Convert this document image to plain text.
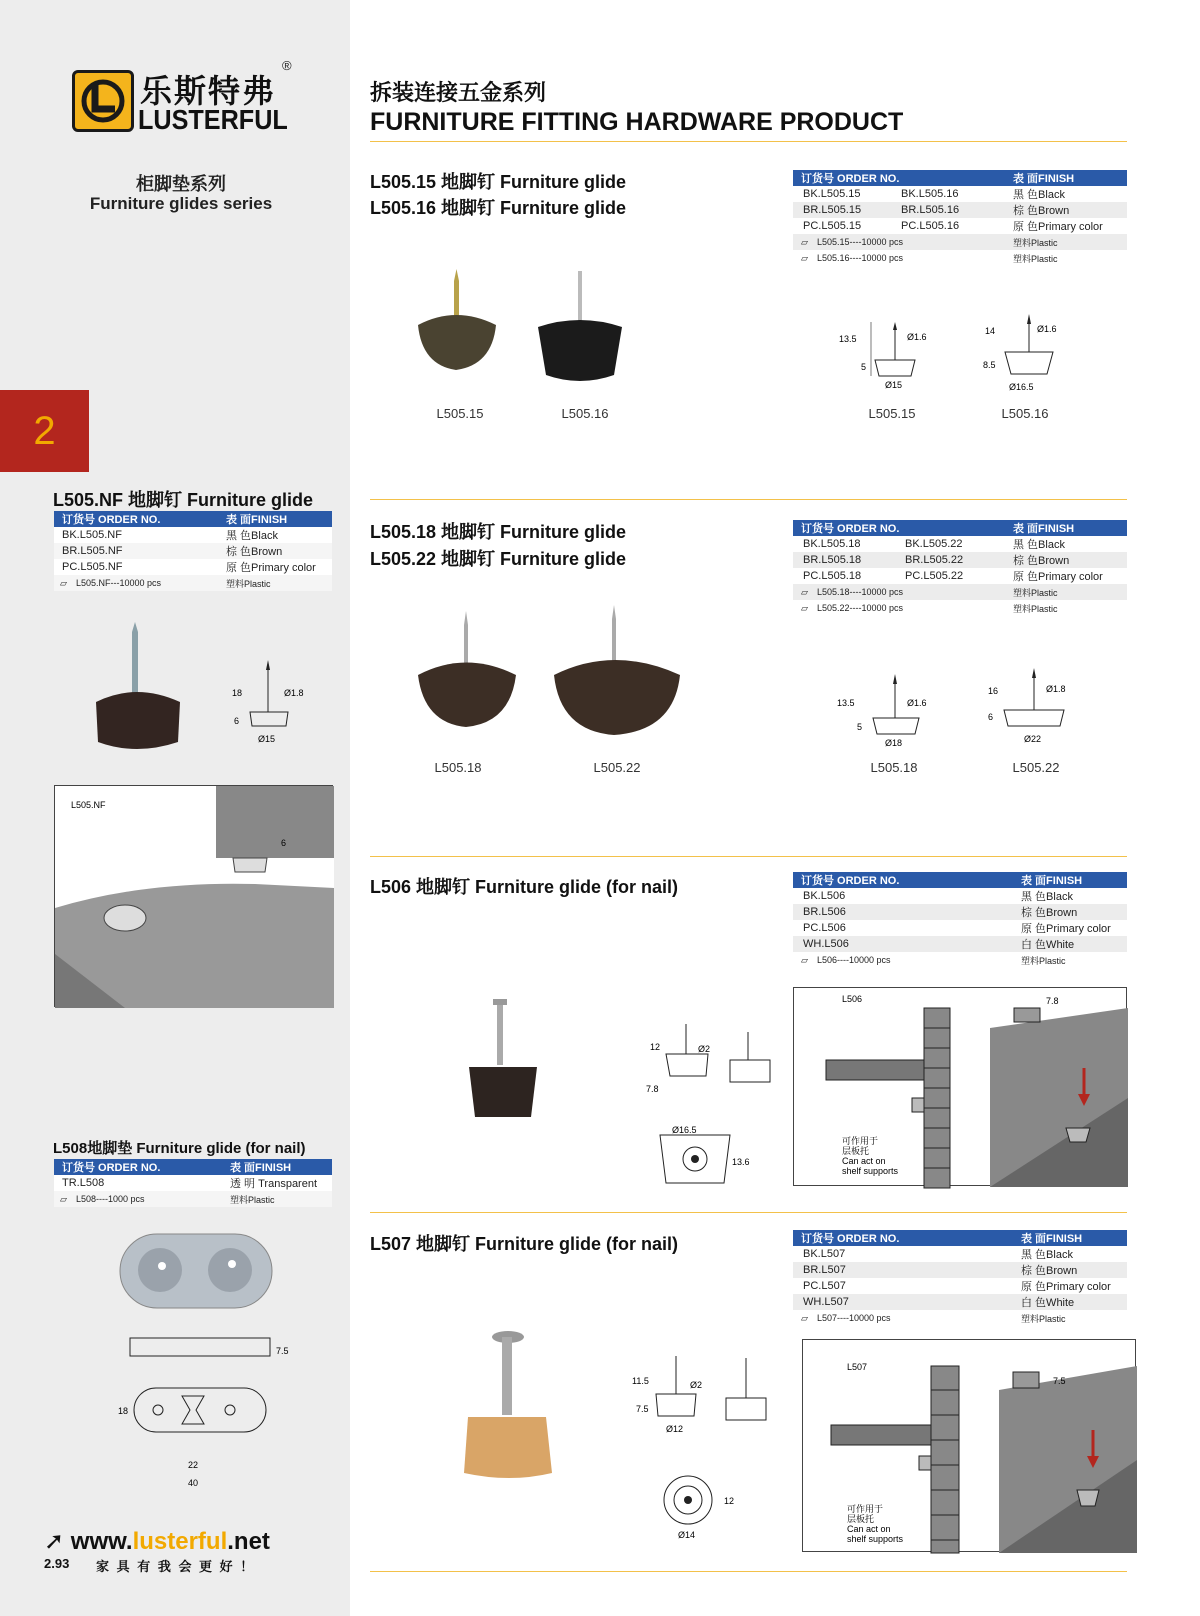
乐斯特弗
LUSTERFUL
®
柜脚垫系列
Furniture glides series
2
拆装连接五金系列
FURNITURE FITTING HARDWARE PRODUCT
L505.15 地脚钉 Furniture glide
L505.16 地脚钉 Furniture glide
订货号 ORDER NO.	表 面FINISH
BK.L505.15	BK.L505.16	黑 色Black
BR.L505.15	BR.L505.16	棕 色Brown
PC.L505.15	PC.L505.16	原 色Primary color
▱ L505.15----10000 pcs	塑料Plastic
▱ L505.16----10000 pcs	塑料Plastic
L505.15	L505.16
13.5	Ø1.6
5
Ø15
14	Ø1.6
8.5
Ø16.5
L505.15	L505.16
L505.18 地脚钉 Furniture glide
L505.22 地脚钉 Furniture glide
订货号 ORDER NO.	表 面FINISH
BK.L505.18	BK.L505.22	黑 色Black
BR.L505.18	BR.L505.22	棕 色Brown
PC.L505.18	PC.L505.22	原 色Primary color
▱ L505.18----10000 pcs	塑料Plastic
▱ L505.22----10000 pcs	塑料Plastic
L505.18	L505.22
13.5	Ø1.6
5
Ø18
16	Ø1.8
6
Ø22
L505.18	L505.22
L506 地脚钉 Furniture glide (for nail)	订货号 ORDER NO.	表 面FINISH
BK.L506	黑 色Black
BR.L506	棕 色Brown
PC.L506	原 色Primary color
WH.L506	白 色White
▱ L506----10000 pcs	塑料Plastic
12	Ø2
7.8
Ø16.5
13.6
L506	7.8
可作用于
层板托
Can act on
shelf supports
L507 地脚钉 Furniture glide (for nail)	订货号 ORDER NO.	表 面FINISH
BK.L507	黑 色Black
BR.L507	棕 色Brown
PC.L507	原 色Primary color
WH.L507	白 色White
▱ L507----10000 pcs	塑料Plastic
11.5	Ø2
7.5
Ø12
12
Ø14
L507
7.5
可作用于
层板托
Can act on
shelf supports
L505.NF 地脚钉 Furniture glide
订货号 ORDER NO.	表 面FINISH
BK.L505.NF	黑 色Black
BR.L505.NF	棕 色Brown
PC.L505.NF	原 色Primary color
▱ L505.NF---10000 pcs	塑料Plastic
18	Ø1.8
6
Ø15
L505.NF
6
L508地脚垫 Furniture glide (for nail)
订货号 ORDER NO.	表 面FINISH
TR.L508	透 明 Transparent
▱ L508----1000 pcs	塑料Plastic
7.5
18
22
40
➚ www.lusterful.net
2.93 家 具 有 我 会 更 好 ！
